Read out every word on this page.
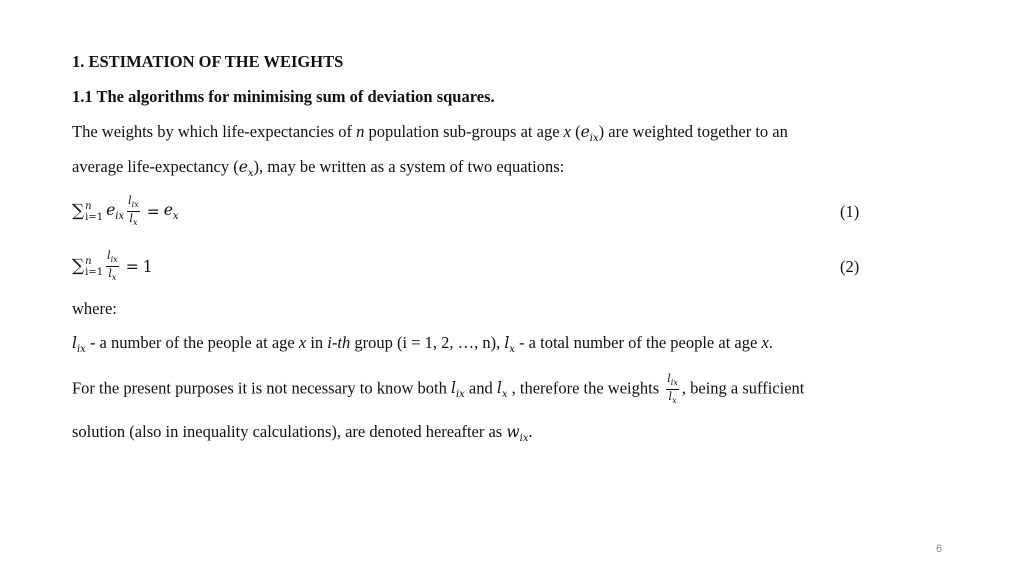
1. ESTIMATION OF THE WEIGHTS
1.1 The algorithms for minimising sum of deviation squares.
The weights by which life-expectancies of n population sub-groups at age x $(e_{ix})$ are weighted together to an
average life-expectancy $(e_x)$, may be written as a system of two equations:
∑ n
i=1 $e_{ix} \frac{l_{ix}}{l_x} = e_x$	(1)
∑ n
$i=1 \frac{l_{ix}}{l_x} = 1$	(2)
where:
$l_{ix}$ - a number of the people at age x in i-th group (i = 1, 2, …, n), $l_x$ - a total number of the people at age x.
For the present purposes it is not necessary to know both $l_{ix}$ and $l_x$ , therefore the weights $\frac{l_{ix}}{l_x}$ , being a sufficient
solution (also in inequality calculations), are denoted hereafter as $w_{ix}$.
6
